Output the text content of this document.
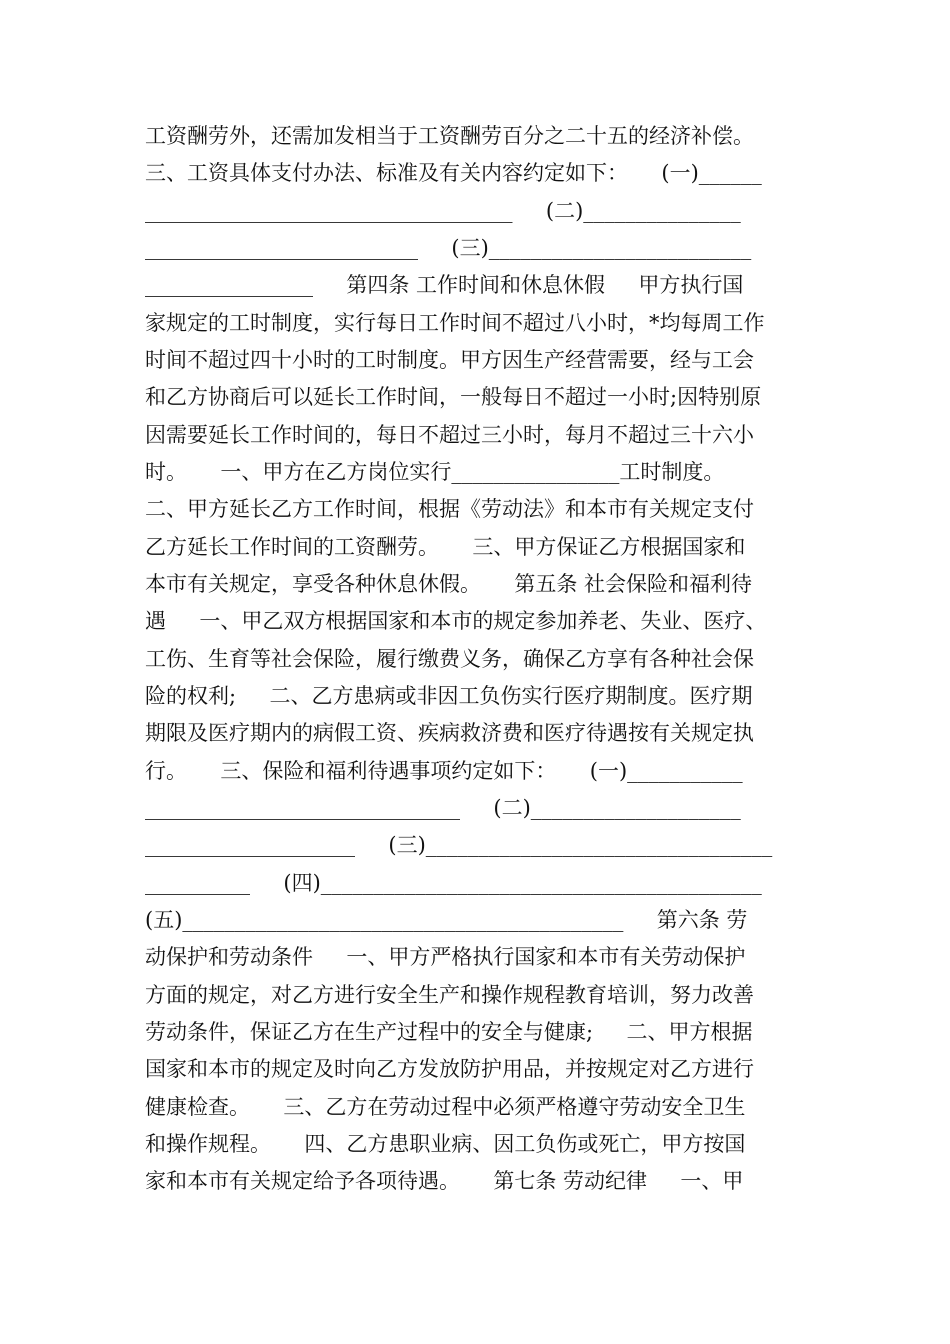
工资酬劳外，还需加发相当于工资酬劳百分之二十五的经济补偿。
三、工资具体支付办法、标准及有关内容约定如下：     (一)______
___________________________________     (二)_______________
__________________________     (三)_________________________
________________     第四条 工作时间和休息休假     甲方执行国
家规定的工时制度，实行每日工作时间不超过八小时，*均每周工作
时间不超过四十小时的工时制度。甲方因生产经营需要，经与工会
和乙方协商后可以延长工作时间，一般每日不超过一小时;因特别原
因需要延长工作时间的，每日不超过三小时，每月不超过三十六小
时。     一、甲方在乙方岗位实行________________工时制度。
二、甲方延长乙方工作时间，根据《劳动法》和本市有关规定支付
乙方延长工作时间的工资酬劳。     三、甲方保证乙方根据国家和
本市有关规定，享受各种休息休假。     第五条 社会保险和福利待
遇     一、甲乙双方根据国家和本市的规定参加养老、失业、医疗、
工伤、生育等社会保险，履行缴费义务，确保乙方享有各种社会保
险的权利;     二、乙方患病或非因工负伤实行医疗期制度。医疗期
期限及医疗期内的病假工资、疾病救济费和医疗待遇按有关规定执
行。     三、保险和福利待遇事项约定如下：     (一)___________
______________________________     (二)____________________
____________________     (三)_________________________________
__________     (四)__________________________________________
(五)__________________________________________     第六条 劳
动保护和劳动条件     一、甲方严格执行国家和本市有关劳动保护
方面的规定，对乙方进行安全生产和操作规程教育培训，努力改善
劳动条件，保证乙方在生产过程中的安全与健康;     二、甲方根据
国家和本市的规定及时向乙方发放防护用品，并按规定对乙方进行
健康检查。     三、乙方在劳动过程中必须严格遵守劳动安全卫生
和操作规程。     四、乙方患职业病、因工负伤或死亡，甲方按国
家和本市有关规定给予各项待遇。     第七条 劳动纪律     一、甲
